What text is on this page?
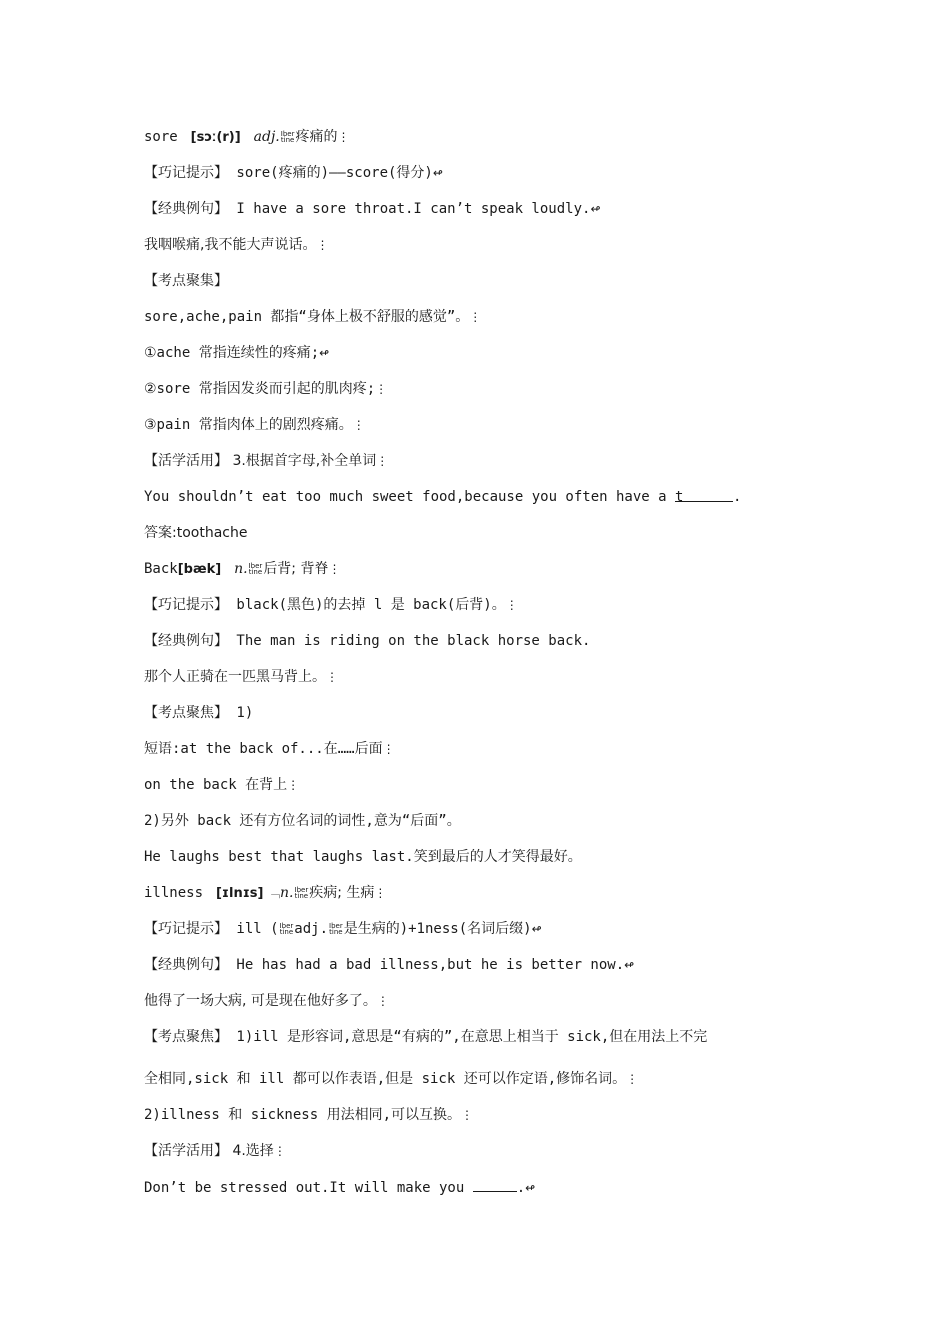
sore  [sɔː(r)]  adj.Iber
tine疼痛的⋮
【巧记提示】 sore(疼痛的)——score(得分)↫
【经典例句】 I have a sore throat.I can’t speak loudly.↫
我咽喉痛,我不能大声说话。⋮
【考点聚集】
sore,ache,pain 都指“身体上极不舒服的感觉”。⋮
①ache 常指连续性的疼痛;↫
②sore 常指因发炎而引起的肌肉疼;⋮
③pain 常指肉体上的剧烈疼痛。⋮
【活学活用】 3.根据首字母,补全单词⋮
You shouldn’t eat too much sweet food,because you often have a t	.
答案:toothache
Back[bæk]  n.Iber
tine后背; 背脊⋮
【巧记提示】 black(黑色)的去掉 l 是 back(后背)。⋮
【经典例句】 The man is riding on the black horse back.
那个人正骑在一匹黑马背上。⋮
【考点聚焦】 1)
短语:at the back of...在……后面⋮
on the back 在背上⋮
2)另外 back 还有方位名词的词性,意为“后面”。
He laughs best that laughs last.笑到最后的人才笑得最好。
illness  [ɪlnɪs] ﹁n.Iber
tine疾病; 生病⋮
【巧记提示】 ill (Iber
tineadj.Iber
tine是生病的)+1ness(名词后缀)↫
【经典例句】 He has had a bad illness,but he is better now.↫
他得了一场大病, 可是现在他好多了。⋮
【考点聚焦】 1)ill 是形容词,意思是“有病的”,在意思上相当于 sick,但在用法上不完
全相同,sick 和 ill 都可以作表语,但是 sick 还可以作定语,修饰名词。⋮
2)illness 和 sickness 用法相同,可以互换。⋮
【活学活用】 4.选择⋮
Don’t be stressed out.It will make you	.↫
